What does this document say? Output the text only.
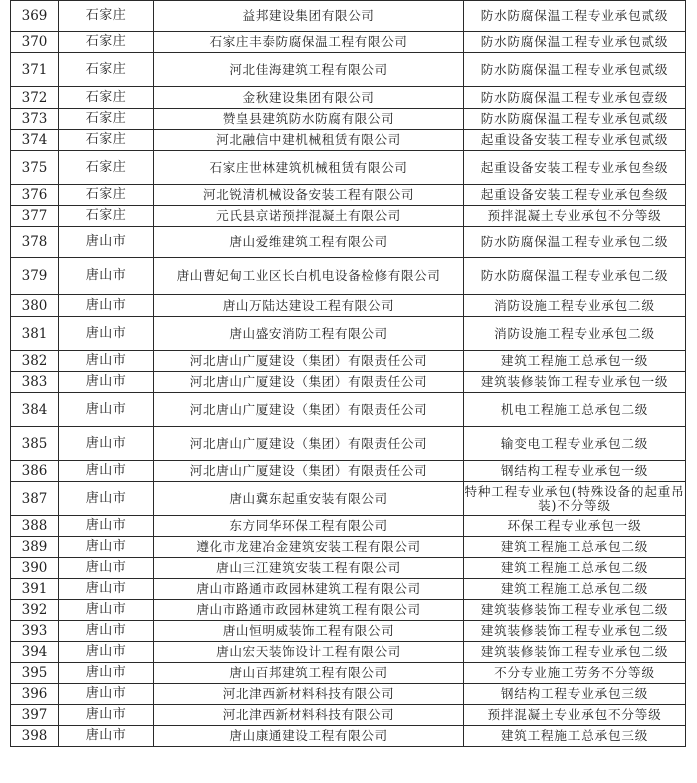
369	石家庄	益邦建设集团有限公司	防水防腐保温工程专业承包贰级
370	石家庄	石家庄丰泰防腐保温工程有限公司	防水防腐保温工程专业承包贰级
371	石家庄	河北佳海建筑工程有限公司	防水防腐保温工程专业承包贰级
372	石家庄	金秋建设集团有限公司	防水防腐保温工程专业承包壹级
373	石家庄	赞皇县建筑防水防腐有限公司	防水防腐保温工程专业承包贰级
374	石家庄	河北融信中建机械租赁有限公司	起重设备安装工程专业承包贰级
375	石家庄	石家庄世林建筑机械租赁有限公司	起重设备安装工程专业承包叁级
376	石家庄	河北锐清机械设备安装工程有限公司	起重设备安装工程专业承包叁级
377	石家庄	元氏县京诺预拌混凝土有限公司	预拌混凝土专业承包不分等级
378	唐山市	唐山爱维建筑工程有限公司	防水防腐保温工程专业承包二级
379	唐山市	唐山曹妃甸工业区长白机电设备检修有限公司	防水防腐保温工程专业承包二级
380	唐山市	唐山万陆达建设工程有限公司	消防设施工程专业承包二级
381	唐山市	唐山盛安消防工程有限公司	消防设施工程专业承包二级
382	唐山市	河北唐山广厦建设（集团）有限责任公司	建筑工程施工总承包一级
383	唐山市	河北唐山广厦建设（集团）有限责任公司	建筑装修装饰工程专业承包一级
384	唐山市	河北唐山广厦建设（集团）有限责任公司	机电工程施工总承包二级
385	唐山市	河北唐山广厦建设（集团）有限责任公司	输变电工程专业承包二级
386	唐山市	河北唐山广厦建设（集团）有限责任公司	钢结构工程专业承包一级
387	唐山市	唐山冀东起重安装有限公司	特种工程专业承包(特殊设备的起重吊装)不分等级
388	唐山市	东方同华环保工程有限公司	环保工程专业承包一级
389	唐山市	遵化市龙建冶金建筑安装工程有限公司	建筑工程施工总承包二级
390	唐山市	唐山三江建筑安装工程有限公司	建筑工程施工总承包二级
391	唐山市	唐山市路通市政园林建筑工程有限公司	建筑工程施工总承包二级
392	唐山市	唐山市路通市政园林建筑工程有限公司	建筑装修装饰工程专业承包二级
393	唐山市	唐山恒明威装饰工程有限公司	建筑装修装饰工程专业承包二级
394	唐山市	唐山宏天装饰设计工程有限公司	建筑装修装饰工程专业承包二级
395	唐山市	唐山百邦建筑工程有限公司	不分专业施工劳务不分等级
396	唐山市	河北津西新材料科技有限公司	钢结构工程专业承包三级
397	唐山市	河北津西新材料科技有限公司	预拌混凝土专业承包不分等级
398	唐山市	唐山康通建设工程有限公司	建筑工程施工总承包三级
